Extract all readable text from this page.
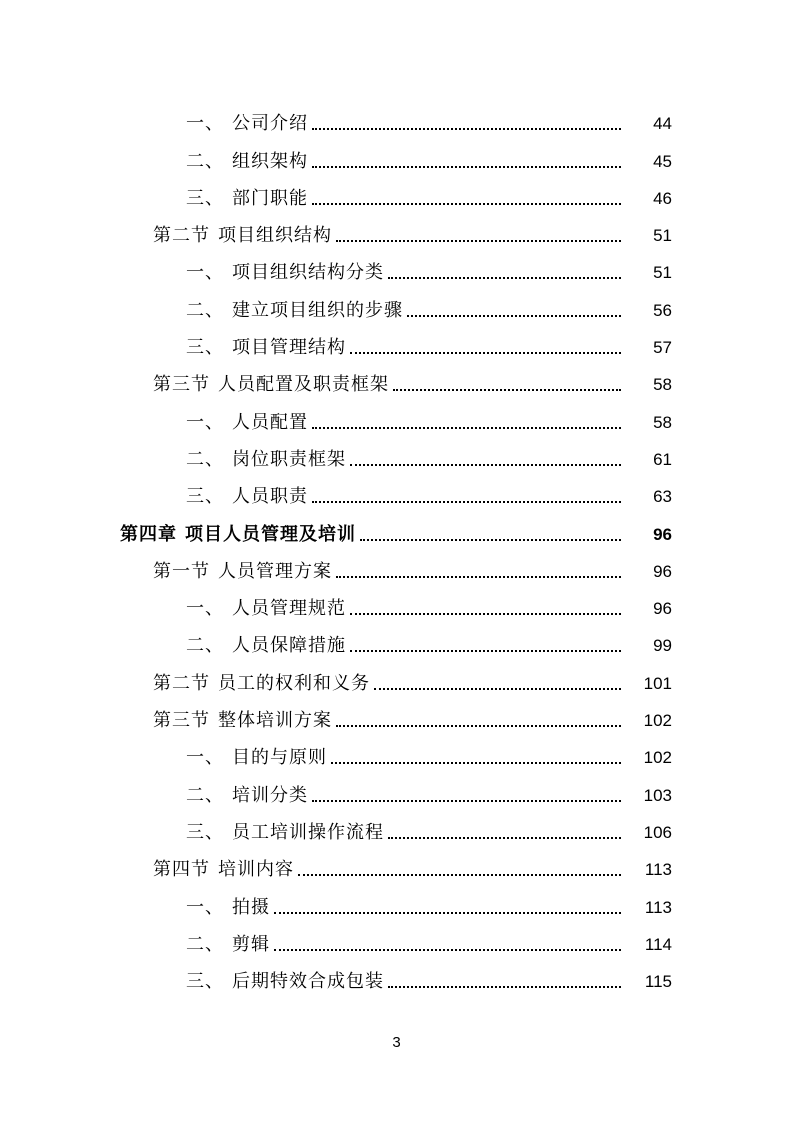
一、 公司介绍	44
二、 组织架构	45
三、 部门职能	46
第二节 项目组织结构	51
一、 项目组织结构分类	51
二、 建立项目组织的步骤	56
三、 项目管理结构	57
第三节 人员配置及职责框架	58
一、 人员配置	58
二、 岗位职责框架	61
三、 人员职责	63
第四章 项目人员管理及培训	96
第一节 人员管理方案	96
一、 人员管理规范	96
二、 人员保障措施	99
第二节 员工的权利和义务	101
第三节 整体培训方案	102
一、 目的与原则	102
二、 培训分类	103
三、 员工培训操作流程	106
第四节 培训内容	113
一、 拍摄	113
二、 剪辑	114
三、 后期特效合成包装	115
3
